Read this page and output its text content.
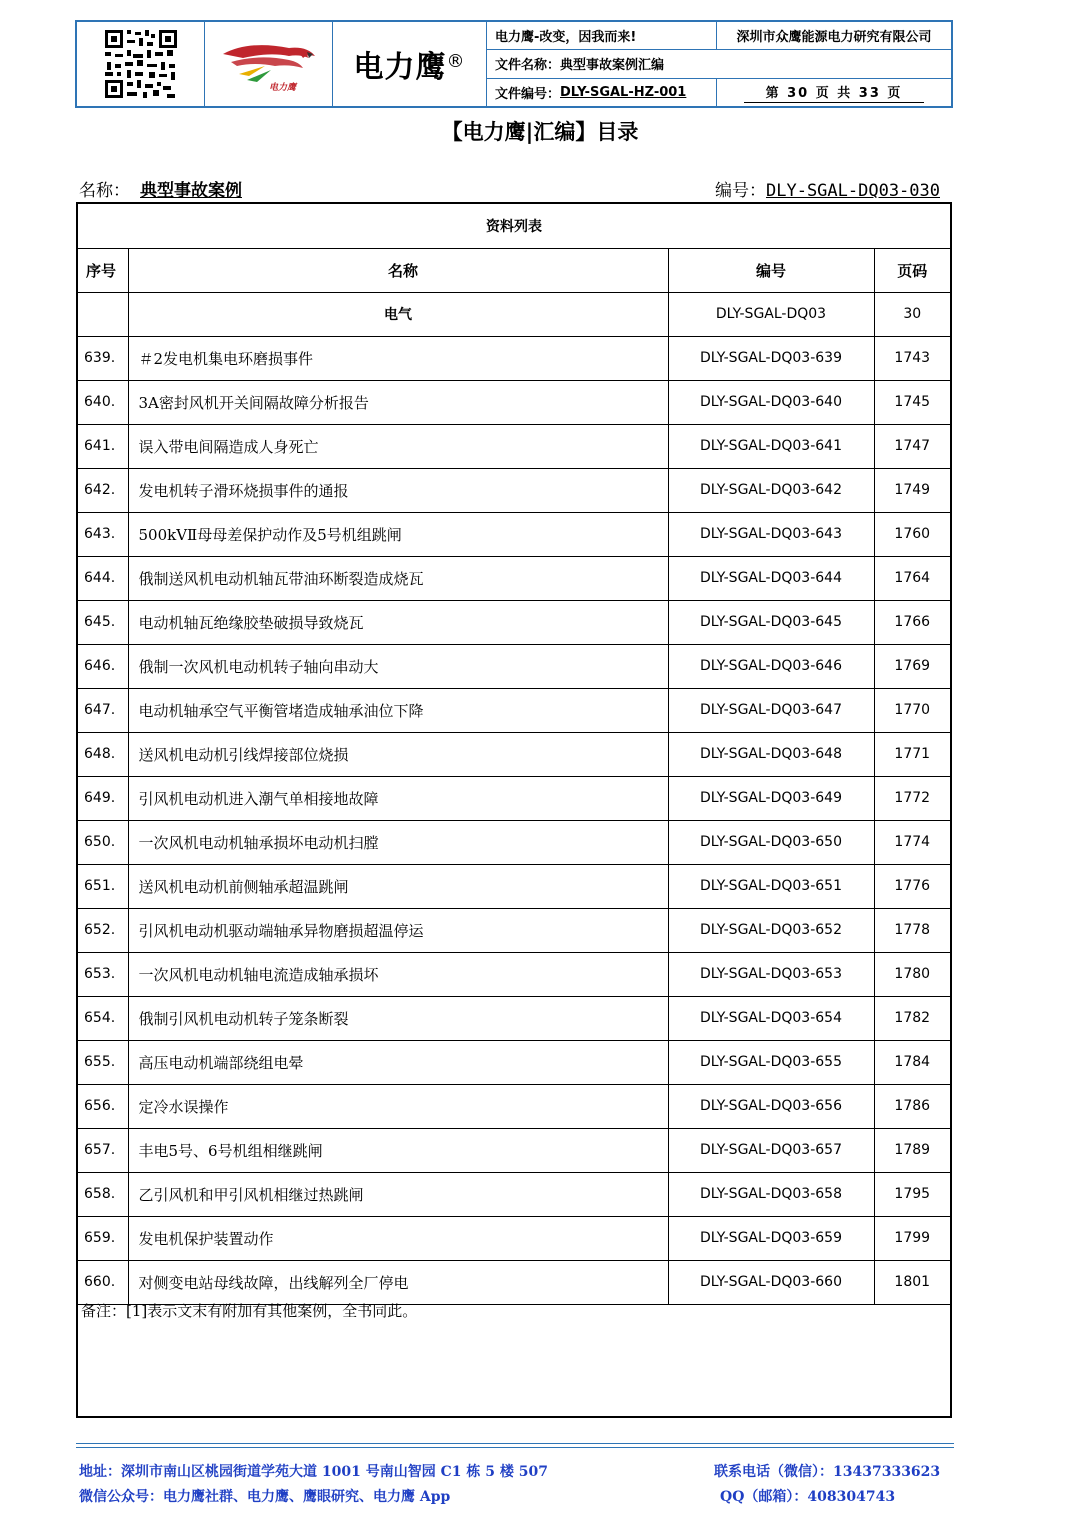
电力鹰
电力鹰®
电力鹰-改变，因我而来!	深圳市众鹰能源电力研究有限公司
文件名称： 典型事故案例汇编
文件编号： DLY-SGAL-HZ-001	第 30 页 共 33 页
【电力鹰|汇编】目录
名称： 典型事故案例	编号：DLY-SGAL-DQ03-030
资料列表			
序号	名称	编号	页码
	电气	DLY-SGAL-DQ03	30
639.	＃2发电机集电环磨损事件	DLY-SGAL-DQ03-639	1743
640.	3A密封风机开关间隔故障分析报告	DLY-SGAL-DQ03-640	1745
641.	误入带电间隔造成人身死亡	DLY-SGAL-DQ03-641	1747
642.	发电机转子滑环烧损事件的通报	DLY-SGAL-DQ03-642	1749
643.	500kVⅡ母母差保护动作及5号机组跳闸	DLY-SGAL-DQ03-643	1760
644.	俄制送风机电动机轴瓦带油环断裂造成烧瓦	DLY-SGAL-DQ03-644	1764
645.	电动机轴瓦绝缘胶垫破损导致烧瓦	DLY-SGAL-DQ03-645	1766
646.	俄制一次风机电动机转子轴向串动大	DLY-SGAL-DQ03-646	1769
647.	电动机轴承空气平衡管堵造成轴承油位下降	DLY-SGAL-DQ03-647	1770
648.	送风机电动机引线焊接部位烧损	DLY-SGAL-DQ03-648	1771
649.	引风机电动机进入潮气单相接地故障	DLY-SGAL-DQ03-649	1772
650.	一次风机电动机轴承损坏电动机扫膛	DLY-SGAL-DQ03-650	1774
651.	送风机电动机前侧轴承超温跳闸	DLY-SGAL-DQ03-651	1776
652.	引风机电动机驱动端轴承异物磨损超温停运	DLY-SGAL-DQ03-652	1778
653.	一次风机电动机轴电流造成轴承损坏	DLY-SGAL-DQ03-653	1780
654.	俄制引风机电动机转子笼条断裂	DLY-SGAL-DQ03-654	1782
655.	高压电动机端部绕组电晕	DLY-SGAL-DQ03-655	1784
656.	定冷水误操作	DLY-SGAL-DQ03-656	1786
657.	丰电5号、6号机组相继跳闸	DLY-SGAL-DQ03-657	1789
658.	乙引风机和甲引风机相继过热跳闸	DLY-SGAL-DQ03-658	1795
659.	发电机保护装置动作	DLY-SGAL-DQ03-659	1799
660.	对侧变电站母线故障，出线解列全厂停电	DLY-SGAL-DQ03-660	1801
备注：[1]表示文末有附加有其他案例，全书同此。
地址：深圳市南山区桃园街道学苑大道 1001 号南山智园 C1 栋 5 楼 507
微信公众号：电力鹰社群、电力鹰、鹰眼研究、电力鹰 App
联系电话（微信）：13437333623
QQ（邮箱）：408304743
